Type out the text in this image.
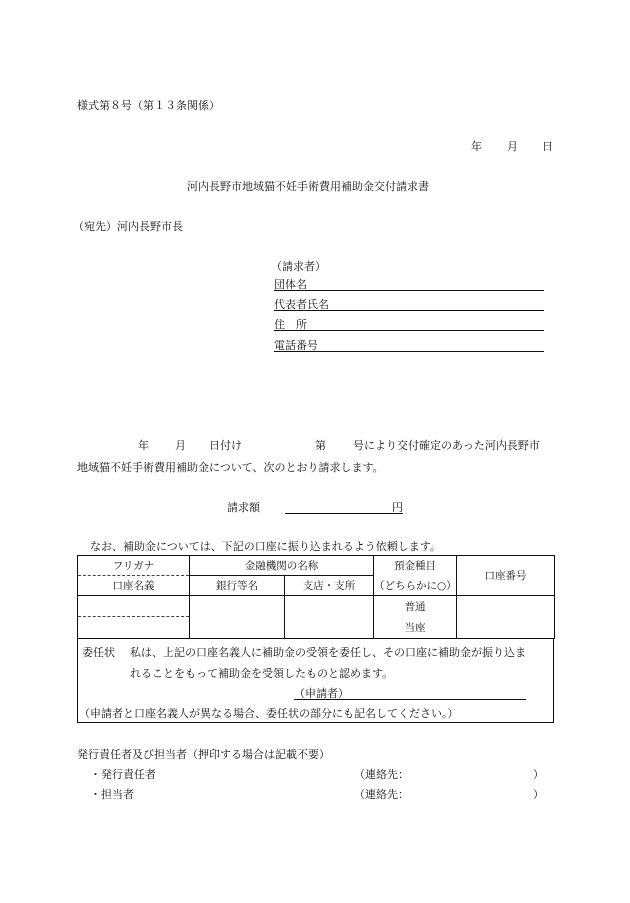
様式第８号（第１３条関係）
年 月 日
河内長野市地域猫不妊手術費用補助金交付請求書
（宛先）河内長野市長
（請求者）
団体名
代表者氏名
住　所
電話番号
年 月 日付け	第 号により交付確定のあった河内長野市
地域猫不妊手術費用補助金について、次のとおり請求します。
請求額	円
なお、補助金については、下記の口座に振り込まれるよう依頼します。
フリガナ	金融機関の名称		預金種目	口座番号
口座名義	銀行等名	支店・支所	（どちらかに○）	
			普通	
			当座	
委任状 私は、上記の口座名義人に補助金の受領を委任し、その口座に補助金が振り込ま
れることをもって補助金を受領したものと認めます。
（申請者）
（申請者と口座名義人が異なる場合、委任状の部分にも記名してください。）
発行責任者及び担当者（押印する場合は記載不要）
・発行責任者	（連絡先：	）
・担当者	（連絡先：	）
